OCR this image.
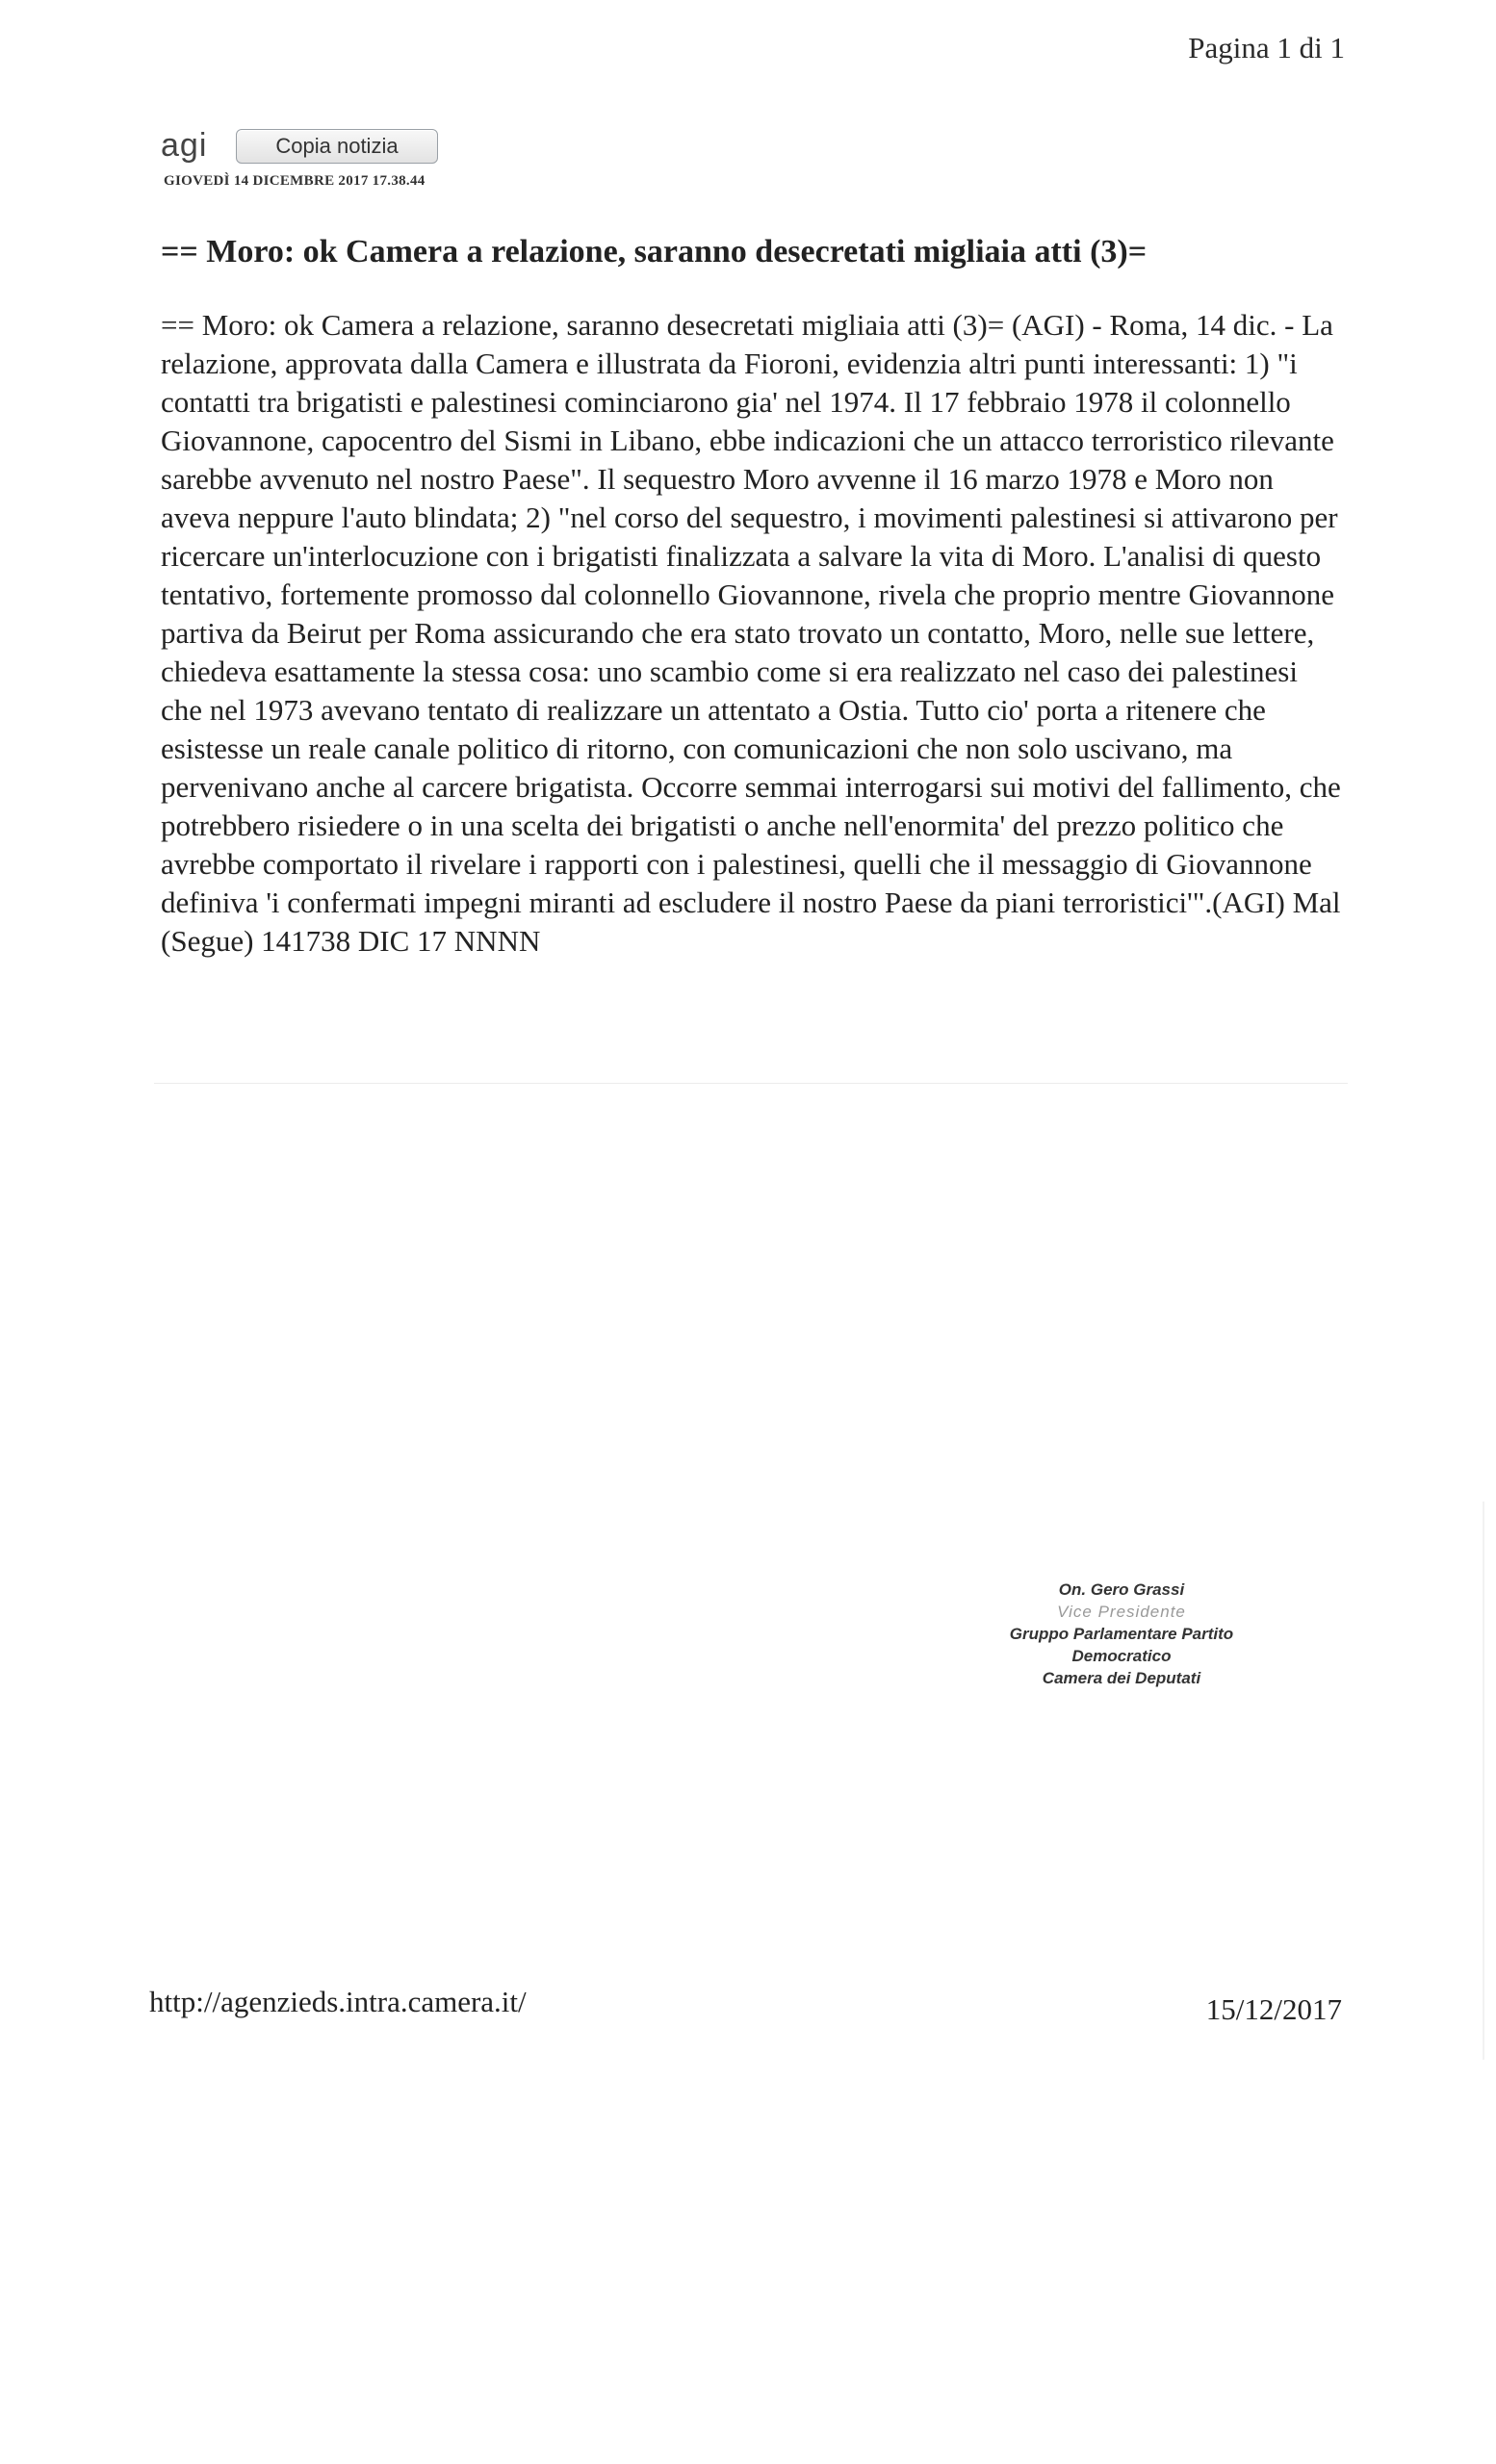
Pagina 1 di 1
agi	Copia notizia
GIOVEDÌ 14 DICEMBRE 2017 17.38.44
== Moro: ok Camera a relazione, saranno desecretati migliaia atti (3)=

== Moro: ok Camera a relazione, saranno desecretati migliaia atti (3)= (AGI) - Roma, 14 dic. - La relazione, approvata dalla Camera e illustrata da Fioroni, evidenzia altri punti interessanti: 1) "i contatti tra brigatisti e palestinesi cominciarono gia' nel 1974. Il 17 febbraio 1978 il colonnello Giovannone, capocentro del Sismi in Libano, ebbe indicazioni che un attacco terroristico rilevante sarebbe avvenuto nel nostro Paese". Il sequestro Moro avvenne il 16 marzo 1978 e Moro non aveva neppure l'auto blindata; 2) "nel corso del sequestro, i movimenti palestinesi si attivarono per ricercare un'interlocuzione con i brigatisti finalizzata a salvare la vita di Moro. L'analisi di questo tentativo, fortemente promosso dal colonnello Giovannone, rivela che proprio mentre Giovannone partiva da Beirut per Roma assicurando che era stato trovato un contatto, Moro, nelle sue lettere, chiedeva esattamente la stessa cosa: uno scambio come si era realizzato nel caso dei palestinesi che nel 1973 avevano tentato di realizzare un attentato a Ostia. Tutto cio' porta a ritenere che esistesse un reale canale politico di ritorno, con comunicazioni che non solo uscivano, ma pervenivano anche al carcere brigatista. Occorre semmai interrogarsi sui motivi del fallimento, che potrebbero risiedere o in una scelta dei brigatisti o anche nell'enormita' del prezzo politico che avrebbe comportato il rivelare i rapporti con i palestinesi, quelli che il messaggio di Giovannone definiva 'i confermati impegni miranti ad escludere il nostro Paese da piani terroristici'".(AGI) Mal (Segue) 141738 DIC 17 NNNN

On. Gero Grassi
Vice Presidente
Gruppo Parlamentare Partito Democratico
Camera dei Deputati
http://agenzieds.intra.camera.it/	15/12/2017
